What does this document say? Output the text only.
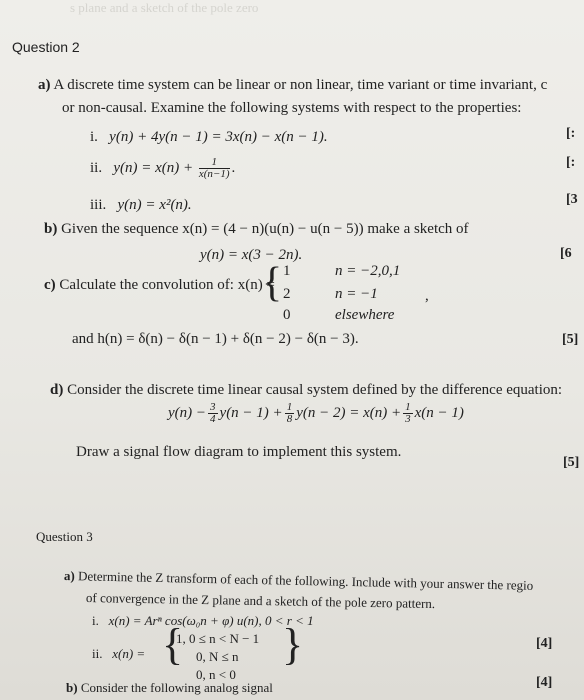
s plane and a sketch of the pole zero
Question 2
a) A discrete time system can be linear or non linear, time variant or time invariant, c
or non-causal. Examine the following systems with respect to the properties:
i. y(n) + 4y(n − 1) = 3x(n) − x(n − 1).	[:
ii. $y(n) = x(n) + \frac{1}{x(n-1)}$ .	[:
iii. y(n) = x²(n).	[3
b) Given the sequence x(n) = (4 − n)(u(n) − u(n − 5)) make a sketch of
y(n) = x(3 − 2n).	[6
c) Calculate the convolution of: x(n) =
{ 1	n = −2,0,1
2	n = −1	,
0	elsewhere
and h(n) = δ(n) − δ(n − 1) + δ(n − 2) − δ(n − 3).	[5]
d) Consider the discrete time linear causal system defined by the difference equation:
$y(n) - \frac{3}{4} y(n - 1) + \frac{1}{8} y(n - 2) = x(n) + \frac{1}{3} x(n - 1)$
Draw a signal flow diagram to implement this system.
[5]
Question 3
a) Determine the Z transform of each of the following. Include with your answer the regio
of convergence in the Z plane and a sketch of the pole zero pattern.
i. x(n) = Arⁿ cos(ω₀n + φ) u(n), 0 < r < 1
ii. x(n) = {
1, 0 ≤ n < N − 1
0, N ≤ n
0, n < 0
}	[4]
[4]
b) Consider the following analog signal
